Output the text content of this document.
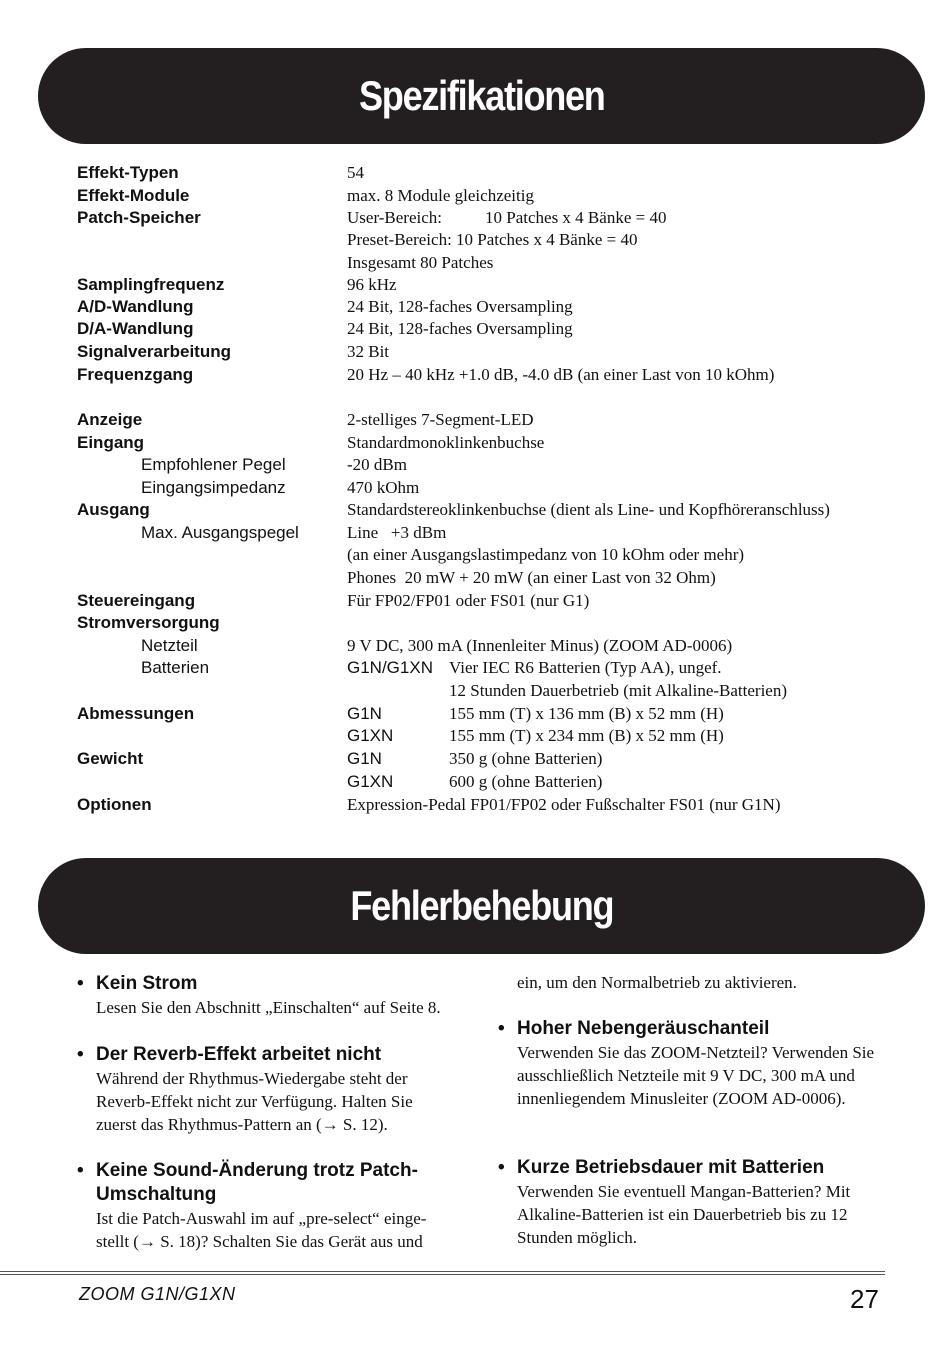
Spezifikationen
Effekt-Typen	54
Effekt-Module	max. 8 Module gleichzeitig
Patch-Speicher	User-Bereich:	10 Patches x 4 Bänke = 40
Preset-Bereich: 10 Patches x 4 Bänke = 40
Insgesamt 80 Patches
Samplingfrequenz	96 kHz
A/D-Wandlung	24 Bit, 128-faches Oversampling
D/A-Wandlung	24 Bit, 128-faches Oversampling
Signalverarbeitung	32 Bit
Frequenzgang	20 Hz – 40 kHz +1.0 dB, -4.0 dB (an einer Last von 10 kOhm)
Anzeige	2-stelliges 7-Segment-LED
Eingang	Standardmonoklinkenbuchse
Empfohlener Pegel	-20 dBm
Eingangsimpedanz	470 kOhm
Ausgang	Standardstereoklinkenbuchse (dient als Line- und Kopfhöreranschluss)
Max. Ausgangspegel	Line   +3 dBm
(an einer Ausgangslastimpedanz von 10 kOhm oder mehr)
Phones  20 mW + 20 mW (an einer Last von 32 Ohm)
Steuereingang	Für FP02/FP01 oder FS01 (nur G1)
Stromversorgung
Netzteil	9 V DC, 300 mA (Innenleiter Minus) (ZOOM AD-0006)
Batterien	G1N/G1XN Vier IEC R6 Batterien (Typ AA), ungef.
12 Stunden Dauerbetrieb (mit Alkaline-Batterien)
Abmessungen	G1N	155 mm (T) x 136 mm (B) x 52 mm (H)
G1XN	155 mm (T) x 234 mm (B) x 52 mm (H)
Gewicht	G1N	350 g (ohne Batterien)
G1XN	600 g (ohne Batterien)
Optionen	Expression-Pedal FP01/FP02 oder Fußschalter FS01 (nur G1N)
Fehlerbehebung
• Kein Strom

Lesen Sie den Abschnitt „Einschalten“ auf Seite 8.

• Der Reverb-Effekt arbeitet nicht

Während der Rhythmus-Wiedergabe steht der Reverb-Effekt nicht zur Verfügung. Halten Sie zuerst das Rhythmus-Pattern an (→ S. 12).

• Keine Sound-Änderung trotz Patch-Umschaltung

Ist die Patch-Auswahl im auf „pre-select“ einge-stellt (→ S. 18)? Schalten Sie das Gerät aus und

ein, um den Normalbetrieb zu aktivieren.

• Hoher Nebengeräuschanteil

Verwenden Sie das ZOOM-Netzteil? Verwenden Sie ausschließlich Netzteile mit 9 V DC, 300 mA und innenliegendem Minusleiter (ZOOM AD-0006).

• Kurze Betriebsdauer mit Batterien

Verwenden Sie eventuell Mangan-Batterien? Mit Alkaline-Batterien ist ein Dauerbetrieb bis zu 12 Stunden möglich.

ZOOM G1N/G1XN	27
